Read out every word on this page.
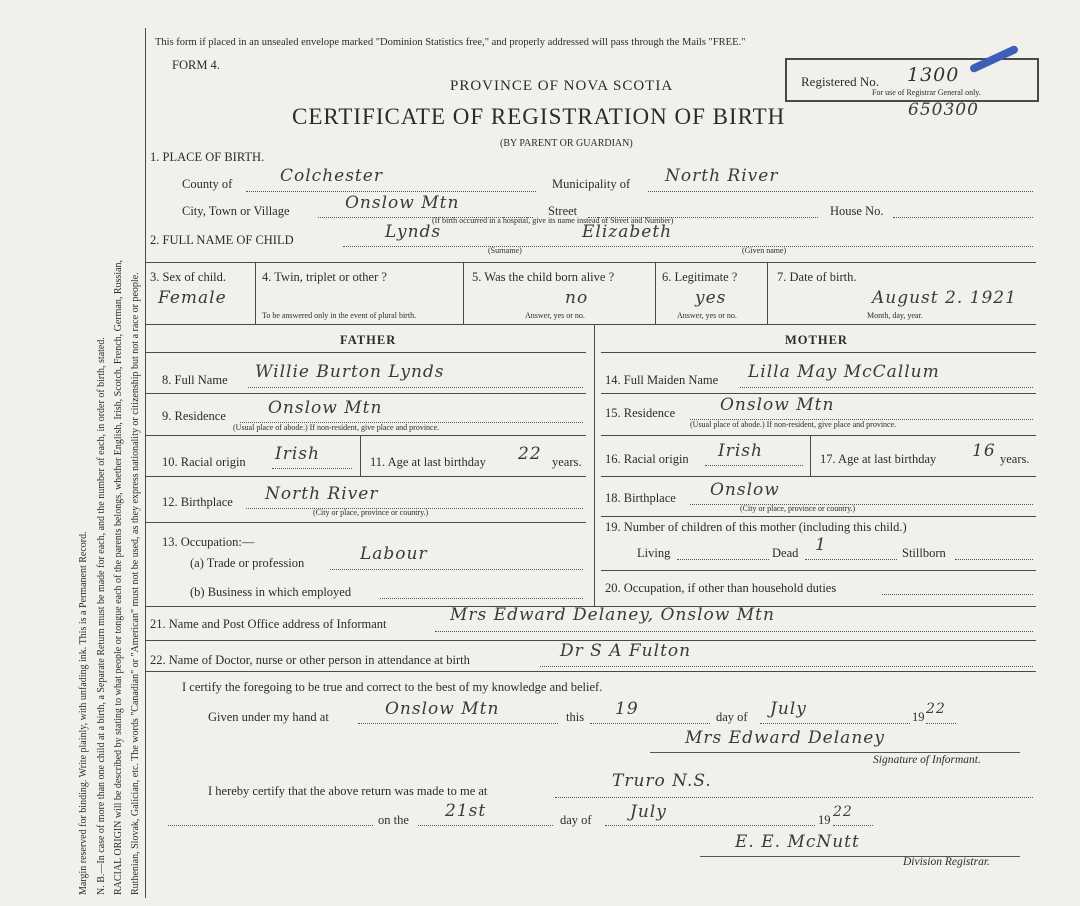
Margin reserved for binding. Write plainly, with unfading ink. This is a Permanent Record. N. B.—In case of more than one child at a birth, a Separate Return must be made for each, and the number of each, in order of birth, stated. RACIAL ORIGIN will be described by stating to what people or tongue each of the parents belongs, whether English, Irish, Scotch, French, German, Russian, Ruthenian, Slovak, Galician, etc. The words "Canadian" or "American" must not be used, as they express nationality or citizenship but not a race or people.
This form if placed in an unsealed envelope marked "Dominion Statistics free," and properly addressed will pass through the Mails "FREE."
FORM 4.
PROVINCE OF NOVA SCOTIA
CERTIFICATE OF REGISTRATION OF BIRTH
(BY PARENT OR GUARDIAN)
Registered No. 1300
For use of Registrar General only.
650300
1. PLACE OF BIRTH.
County of	Colchester	Municipality of North River
City, Town or Village	Onslow Mtn	Street	House No.
(If birth occurred in a hospital, give its name instead of Street and Number)
2. FULL NAME OF CHILD	Lynds	Elizabeth
(Surname)	(Given name)
3. Sex of child.
Female
4. Twin, triplet or other ?
To be answered only in the event of plural birth.
5. Was the child born alive ?
no
Answer, yes or no.
6. Legitimate ?
yes
Answer, yes or no.
7. Date of birth.
August 2. 1921
Month, day, year.
FATHER	MOTHER
8. Full Name Willie Burton Lynds
9. Residence Onslow Mtn
(Usual place of abode.) If non-resident, give place and province.
10. Racial origin Irish	11. Age at last birthday 22 years.
12. Birthplace North River
(City or place, province or country.)
13. Occupation:—
(a) Trade or profession	Labour
(b) Business in which employed
14. Full Maiden Name Lilla May McCallum
15. Residence	Onslow Mtn
(Usual place of abode.) If non-resident, give place and province.
16. Racial origin Irish	17. Age at last birthday 16 years.
18. Birthplace Onslow
(City or place, province or country.)
19. Number of children of this mother (including this child.)
Living	Dead 1	Stillborn
20. Occupation, if other than household duties
21. Name and Post Office address of Informant	Mrs Edward Delaney, Onslow Mtn
22. Name of Doctor, nurse or other person in attendance at birth	Dr S A Fulton
I certify the foregoing to be true and correct to the best of my knowledge and belief.
Given under my hand at	Onslow Mtn	this 19	day of July	19 22
Mrs Edward Delaney
Signature of Informant.
I hereby certify that the above return was made to me at	Truro N.S.
on the 21st	day of July	19 22
E. E. McNutt
Division Registrar.
